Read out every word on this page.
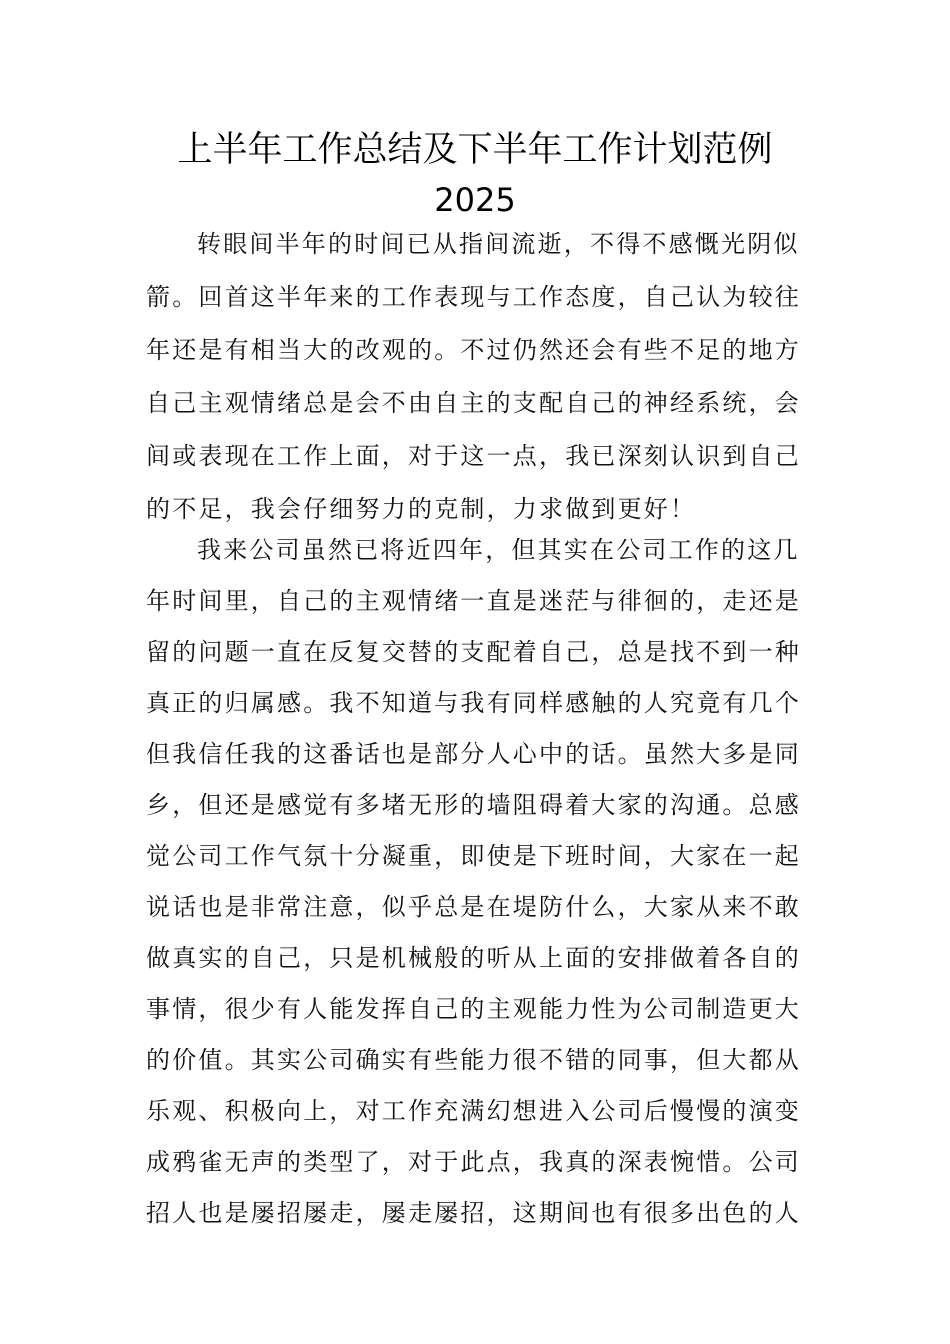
上半年工作总结及下半年工作计划范例
2025
转眼间半年的时间已从指间流逝，不得不感慨光阴似
箭。回首这半年来的工作表现与工作态度，自己认为较往
年还是有相当大的改观的。不过仍然还会有些不足的地方
自己主观情绪总是会不由自主的支配自己的神经系统，会
间或表现在工作上面，对于这一点，我已深刻认识到自己
的不足，我会仔细努力的克制，力求做到更好！
我来公司虽然已将近四年，但其实在公司工作的这几
年时间里，自己的主观情绪一直是迷茫与徘徊的，走还是
留的问题一直在反复交替的支配着自己，总是找不到一种
真正的归属感。我不知道与我有同样感触的人究竟有几个
但我信任我的这番话也是部分人心中的话。虽然大多是同
乡，但还是感觉有多堵无形的墙阻碍着大家的沟通。总感
觉公司工作气氛十分凝重，即使是下班时间，大家在一起
说话也是非常注意，似乎总是在堤防什么，大家从来不敢
做真实的自己，只是机械般的听从上面的安排做着各自的
事情，很少有人能发挥自己的主观能力性为公司制造更大
的价值。其实公司确实有些能力很不错的同事，但大都从
乐观、积极向上，对工作充满幻想进入公司后慢慢的演变
成鸦雀无声的类型了，对于此点，我真的深表惋惜。公司
招人也是屡招屡走，屡走屡招，这期间也有很多出色的人
